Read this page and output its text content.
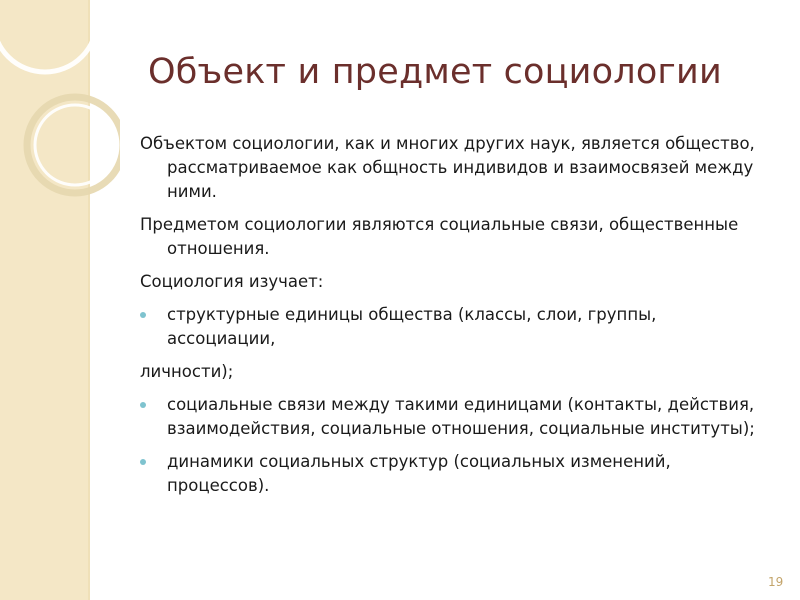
Объект и предмет социологии

Объектом социологии, как и многих других наук, является общество, рассматриваемое как общность индивидов и взаимосвязей между ними.

Предметом социологии являются социальные связи, общественные отношения.

Социология изучает:

структурные единицы общества (классы, слои, группы, ассоциации,

личности);

социальные связи между такими единицами (контакты, действия, взаимодействия, социальные отношения, социальные институты);
динамики социальных структур (социальных изменений, процессов).
19
